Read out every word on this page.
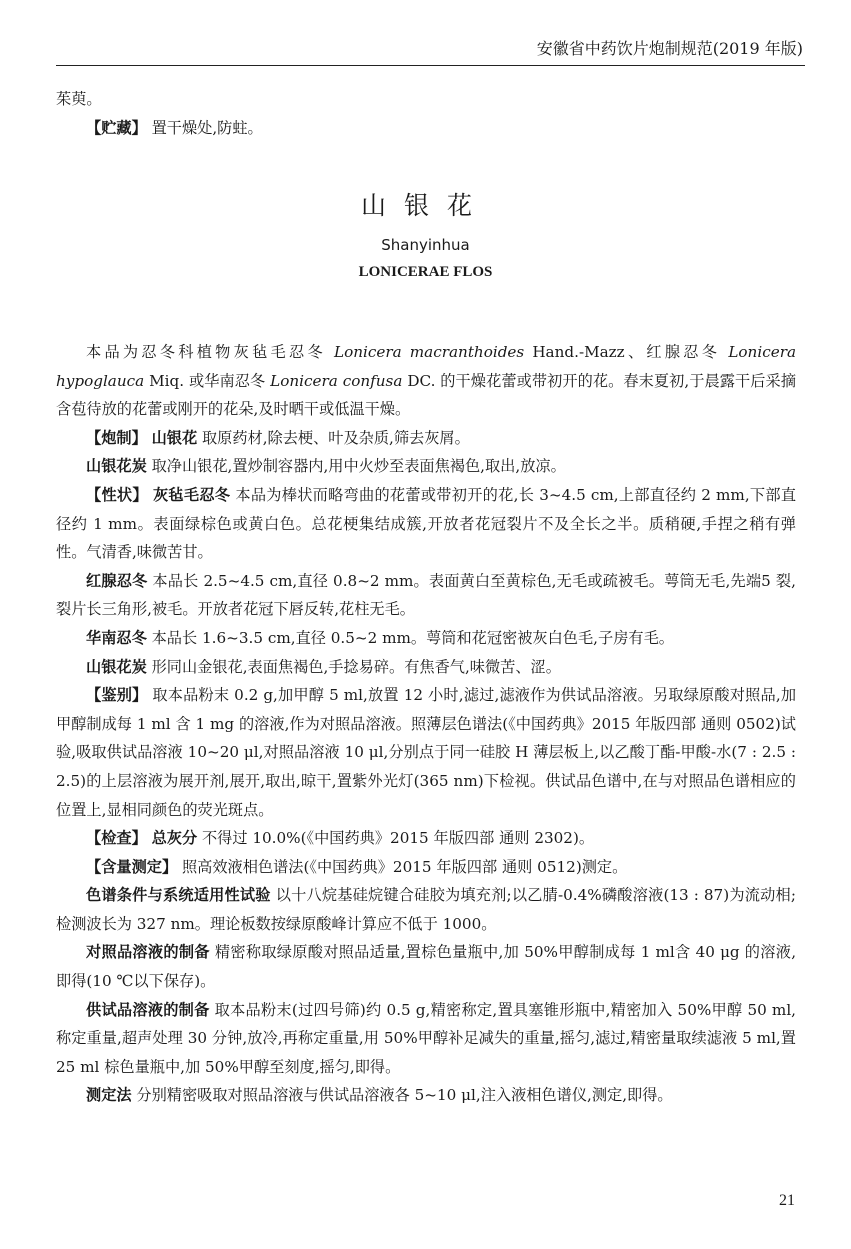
安徽省中药饮片炮制规范(2019 年版)

茱萸。

【贮藏】 置干燥处,防蛀。

山银花
Shanyinhua
LONICERAE FLOS

本品为忍冬科植物灰毡毛忍冬 Lonicera macranthoides Hand.-Mazz、红腺忍冬 Lonicera hypoglauca Miq. 或华南忍冬 Lonicera confusa DC. 的干燥花蕾或带初开的花。春末夏初,于晨露干后采摘含苞待放的花蕾或刚开的花朵,及时晒干或低温干燥。

【炮制】 山银花 取原药材,除去梗、叶及杂质,筛去灰屑。

山银花炭 取净山银花,置炒制容器内,用中火炒至表面焦褐色,取出,放凉。

【性状】 灰毡毛忍冬 本品为棒状而略弯曲的花蕾或带初开的花,长 3~4.5 cm,上部直径约 2 mm,下部直径约 1 mm。表面绿棕色或黄白色。总花梗集结成簇,开放者花冠裂片不及全长之半。质稍硬,手捏之稍有弹性。气清香,味微苦甘。

红腺忍冬 本品长 2.5~4.5 cm,直径 0.8~2 mm。表面黄白至黄棕色,无毛或疏被毛。萼筒无毛,先端5 裂,裂片长三角形,被毛。开放者花冠下唇反转,花柱无毛。

华南忍冬 本品长 1.6~3.5 cm,直径 0.5~2 mm。萼筒和花冠密被灰白色毛,子房有毛。

山银花炭 形同山金银花,表面焦褐色,手捻易碎。有焦香气,味微苦、涩。

【鉴别】 取本品粉末 0.2 g,加甲醇 5 ml,放置 12 小时,滤过,滤液作为供试品溶液。另取绿原酸对照品,加甲醇制成每 1 ml 含 1 mg 的溶液,作为对照品溶液。照薄层色谱法(《中国药典》2015 年版四部 通则 0502)试验,吸取供试品溶液 10~20 μl,对照品溶液 10 μl,分别点于同一硅胶 H 薄层板上,以乙酸丁酯-甲酸-水(7 : 2.5 : 2.5)的上层溶液为展开剂,展开,取出,晾干,置紫外光灯(365 nm)下检视。供试品色谱中,在与对照品色谱相应的位置上,显相同颜色的荧光斑点。

【检查】 总灰分 不得过 10.0%(《中国药典》2015 年版四部 通则 2302)。

【含量测定】 照高效液相色谱法(《中国药典》2015 年版四部 通则 0512)测定。

色谱条件与系统适用性试验 以十八烷基硅烷键合硅胶为填充剂;以乙腈-0.4%磷酸溶液(13 : 87)为流动相;检测波长为 327 nm。理论板数按绿原酸峰计算应不低于 1000。

对照品溶液的制备 精密称取绿原酸对照品适量,置棕色量瓶中,加 50%甲醇制成每 1 ml含 40 μg 的溶液,即得(10 ℃以下保存)。

供试品溶液的制备 取本品粉末(过四号筛)约 0.5 g,精密称定,置具塞锥形瓶中,精密加入 50%甲醇 50 ml,称定重量,超声处理 30 分钟,放冷,再称定重量,用 50%甲醇补足减失的重量,摇匀,滤过,精密量取续滤液 5 ml,置 25 ml 棕色量瓶中,加 50%甲醇至刻度,摇匀,即得。

测定法 分别精密吸取对照品溶液与供试品溶液各 5~10 μl,注入液相色谱仪,测定,即得。

21
